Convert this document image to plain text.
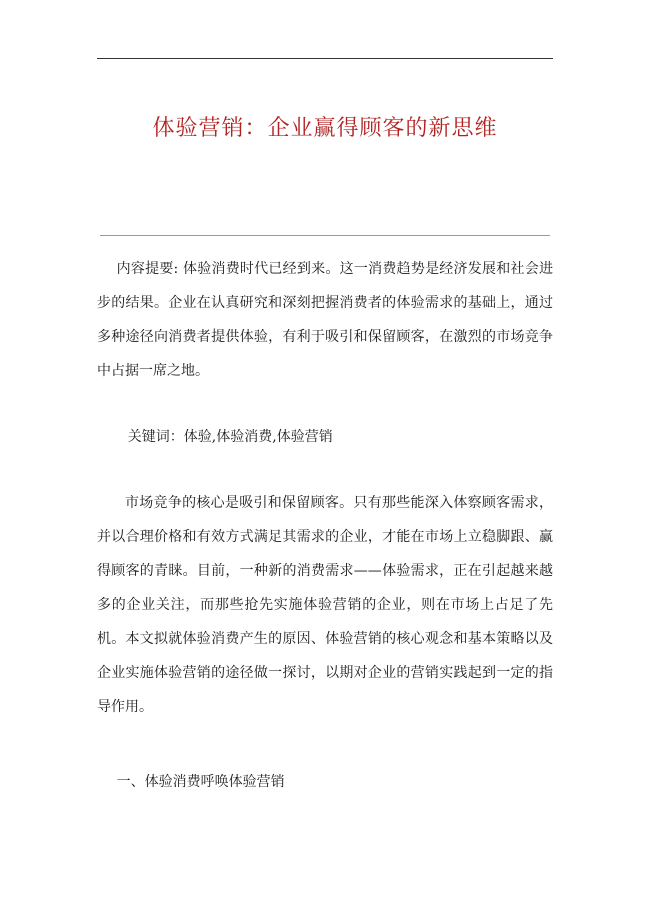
体验营销：企业赢得顾客的新思维

内容提要: 体验消费时代已经到来。这一消费趋势是经济发展和社会进步的结果。企业在认真研究和深刻把握消费者的体验需求的基础上，通过多种途径向消费者提供体验，有利于吸引和保留顾客，在激烈的市场竞争中占据一席之地。

关键词：体验,体验消费,体验营销

市场竞争的核心是吸引和保留顾客。只有那些能深入体察顾客需求，并以合理价格和有效方式满足其需求的企业，才能在市场上立稳脚跟、赢得顾客的青睐。目前，一种新的消费需求——体验需求，正在引起越来越多的企业关注，而那些抢先实施体验营销的企业，则在市场上占足了先机。本文拟就体验消费产生的原因、体验营销的核心观念和基本策略以及企业实施体验营销的途径做一探讨，以期对企业的营销实践起到一定的指导作用。

一、体验消费呼唤体验营销
